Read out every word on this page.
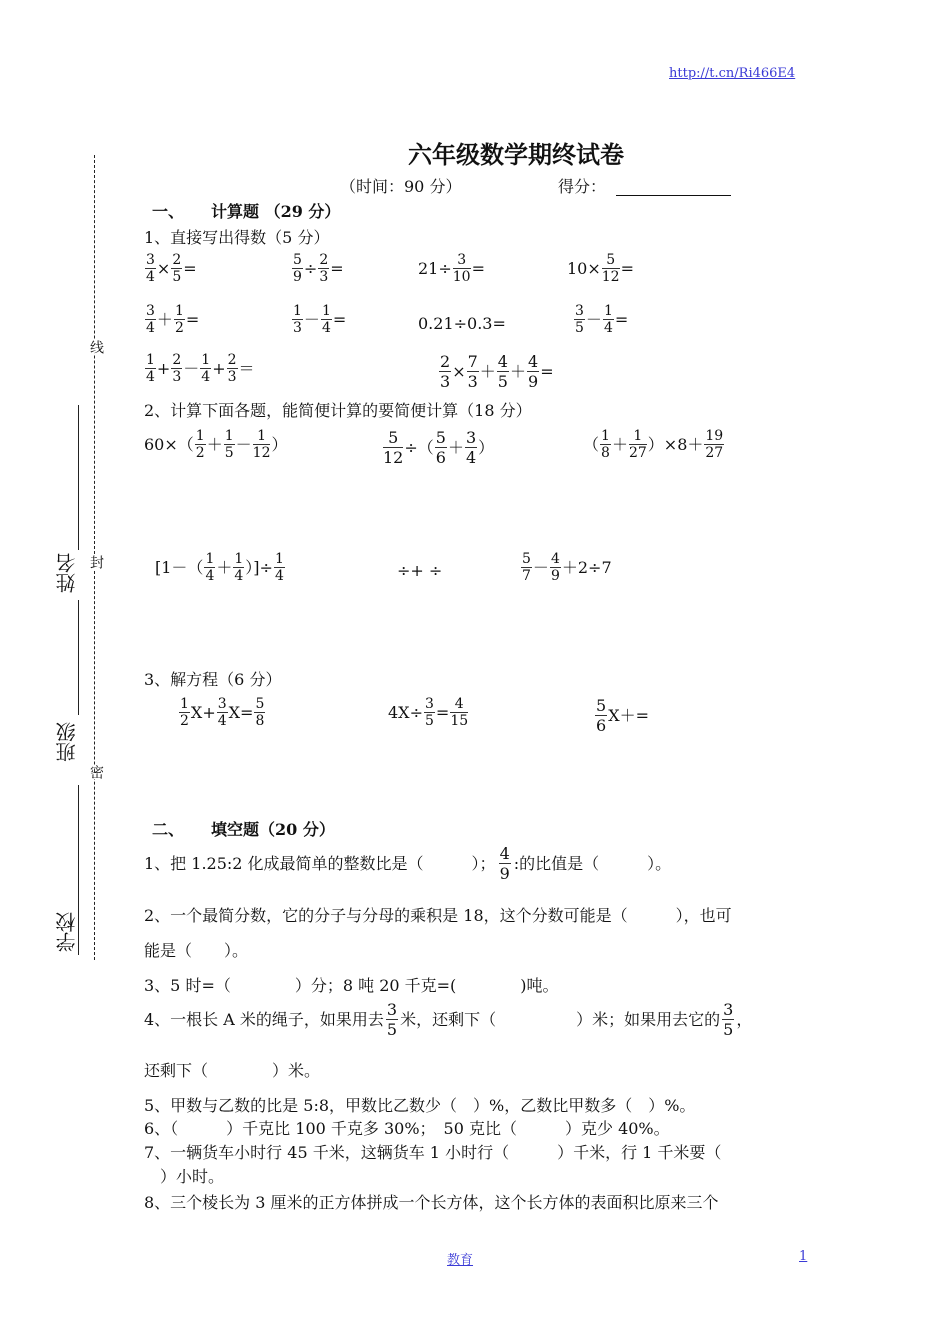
http://t.cn/Ri466E4
线
封
密
学校
班级
姓名
六年级数学期终试卷
（时间：90 分）	得分：
一、 计算题 （29 分）
1、直接写出得数（5 分）
$\frac{3}{4} \times \frac{2}{5}$ =	$\frac{5}{9} \div \frac{2}{3}$ =	$21\div \frac{3}{10}$ =	$10\times \frac{5}{12}$ =
$\frac{3}{4} + \frac{1}{2}$ =	$\frac{1}{3} - \frac{1}{4}$ =	0.21÷0.3=	$\frac{3}{5} - \frac{1}{4}$ =
$\frac{1}{4} + \frac{2}{3} - \frac{1}{4} + \frac{2}{3}$ ＝	$\frac{2}{3} \times \frac{7}{3} + \frac{4}{5} + \frac{4}{9}$ =
2、计算下面各题，能简便计算的要简便计算（18 分）
$60\times( \frac{1}{2} + \frac{1}{5} - \frac{1}{12}$ ）	$\frac{5}{12}$ ÷（ $\frac{5}{6} + \frac{3}{4}$ ）	（ $\frac{1}{8} + \frac{1}{27} )\times 8+ \frac{19}{27}$
[$1-( \frac{1}{4} + \frac{1}{4}$ ）]÷ $\frac{1}{4}$	÷+ ÷	$\frac{5}{7} - \frac{4}{9} +2\div 7$
3、解方程（6 分）
$\frac{1}{2} X+ \frac{3}{4} X= \frac{5}{8}$	$4X\div \frac{3}{5} = \frac{4}{15}$	$\frac{5}{6} X+=$
二、 填空题（20 分）
1、把 1.25:2 化成最简单的整数比是（　　　）； $\frac{4}{9}$ :的比值是（　　　）。
2、一个最简分数，它的分子与分母的乘积是 18，这个分数可能是（　　　），也可
能是（　　）。
3、5 时=（　　　　）分；8 吨 20 千克=(　　　　)吨。
4、一根长 A 米的绳子，如果用去 $\frac{3}{5}$ 米，还剩下（　　　　　）米；如果用去它的 $\frac{3}{5}$ ，
还剩下（　　　　）米。
5、甲数与乙数的比是 5:8，甲数比乙数少（　）%，乙数比甲数多（　）%。
6、（　　　）千克比 100 千克多 30%；　50 克比（　　　）克少 40%。
7、一辆货车小时行 45 千米，这辆货车 1 小时行（　　　）千米，行 1 千米要（
　）小时。
8、三个棱长为 3 厘米的正方体拼成一个长方体，这个长方体的表面积比原来三个
教育	1
